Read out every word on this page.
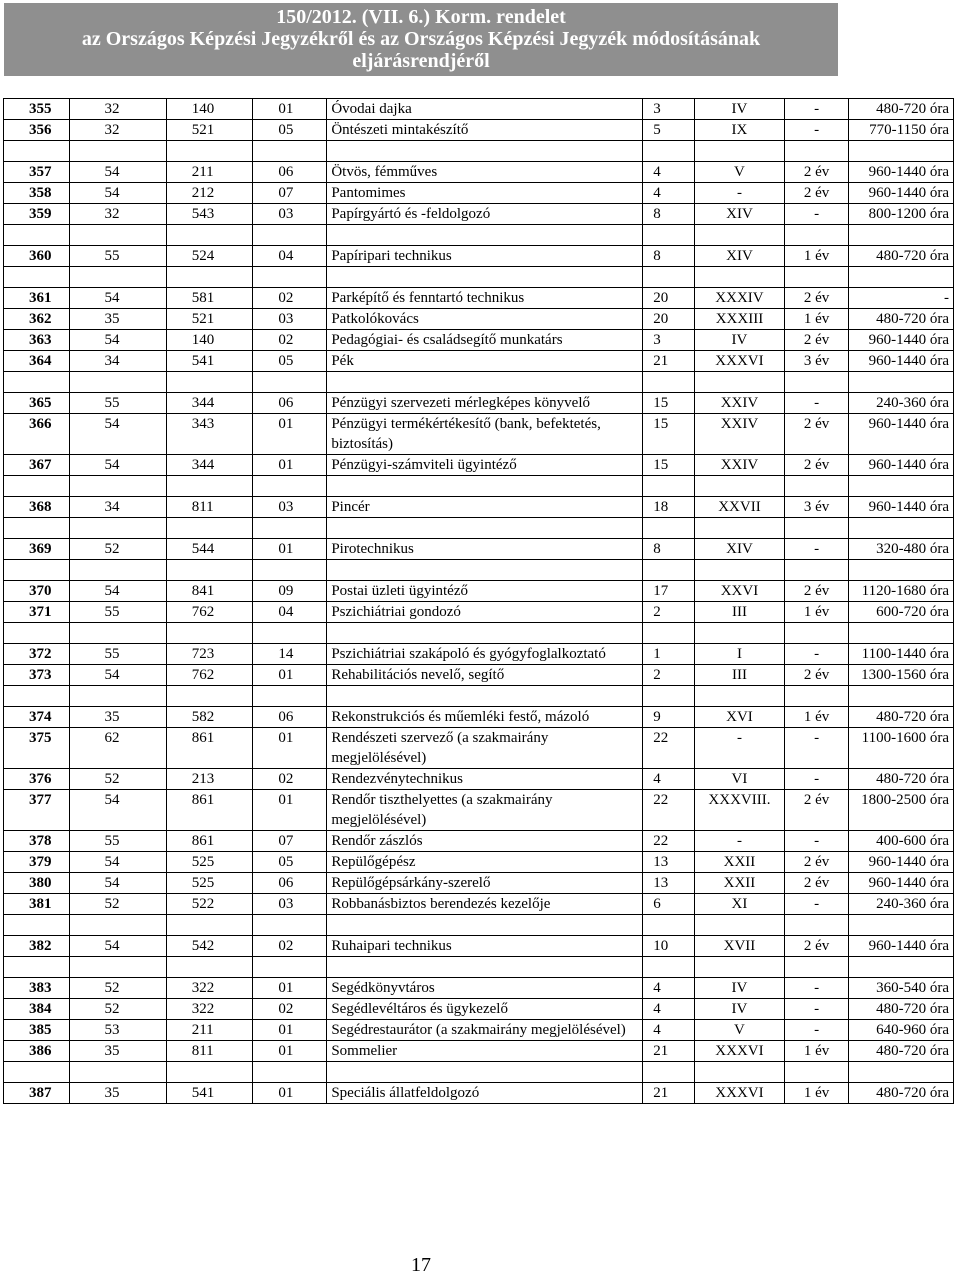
150/2012. (VII. 6.) Korm. rendelet
az Országos Képzési Jegyzékről és az Országos Képzési Jegyzék módosításának
eljárásrendjéről
355	32	140	01	Óvodai dajka	3	IV	-	480-720 óra
356	32	521	05	Öntészeti mintakészítő	5	IX	-	770-1150 óra

357	54	211	06	Ötvös, fémműves	4	V	2 év	960-1440 óra
358	54	212	07	Pantomimes	4	-	2 év	960-1440 óra
359	32	543	03	Papírgyártó és -feldolgozó	8	XIV	-	800-1200 óra

360	55	524	04	Papíripari technikus	8	XIV	1 év	480-720 óra

361	54	581	02	Parképítő és fenntartó technikus	20	XXXIV	2 év	-
362	35	521	03	Patkolókovács	20	XXXIII	1 év	480-720 óra
363	54	140	02	Pedagógiai- és családsegítő munkatárs	3	IV	2 év	960-1440 óra
364	34	541	05	Pék	21	XXXVI	3 év	960-1440 óra

365	55	344	06	Pénzügyi szervezeti mérlegképes könyvelő	15	XXIV	-	240-360 óra
366	54	343	01	Pénzügyi termékértékesítő (bank, befektetés, biztosítás)	15	XXIV	2 év	960-1440 óra
367	54	344	01	Pénzügyi-számviteli ügyintéző	15	XXIV	2 év	960-1440 óra

368	34	811	03	Pincér	18	XXVII	3 év	960-1440 óra

369	52	544	01	Pirotechnikus	8	XIV	-	320-480 óra

370	54	841	09	Postai üzleti ügyintéző	17	XXVI	2 év	1120-1680 óra
371	55	762	04	Pszichiátriai gondozó	2	III	1 év	600-720 óra

372	55	723	14	Pszichiátriai szakápoló és gyógyfoglalkoztató	1	I	-	1100-1440 óra
373	54	762	01	Rehabilitációs nevelő, segítő	2	III	2 év	1300-1560 óra

374	35	582	06	Rekonstrukciós és műemléki festő, mázoló	9	XVI	1 év	480-720 óra
375	62	861	01	Rendészeti szervező (a szakmairány megjelölésével)	22	-	-	1100-1600 óra
376	52	213	02	Rendezvénytechnikus	4	VI	-	480-720 óra
377	54	861	01	Rendőr tiszthelyettes (a szakmairány megjelölésével)	22	XXXVIII.	2 év	1800-2500 óra
378	55	861	07	Rendőr zászlós	22	-	-	400-600 óra
379	54	525	05	Repülőgépész	13	XXII	2 év	960-1440 óra
380	54	525	06	Repülőgépsárkány-szerelő	13	XXII	2 év	960-1440 óra
381	52	522	03	Robbanásbiztos berendezés kezelője	6	XI	-	240-360 óra

382	54	542	02	Ruhaipari technikus	10	XVII	2 év	960-1440 óra

383	52	322	01	Segédkönyvtáros	4	IV	-	360-540 óra
384	52	322	02	Segédlevéltáros és ügykezelő	4	IV	-	480-720 óra
385	53	211	01	Segédrestaurátor (a szakmairány megjelölésével)	4	V	-	640-960 óra
386	35	811	01	Sommelier	21	XXXVI	1 év	480-720 óra

387	35	541	01	Speciális állatfeldolgozó	21	XXXVI	1 év	480-720 óra
17
